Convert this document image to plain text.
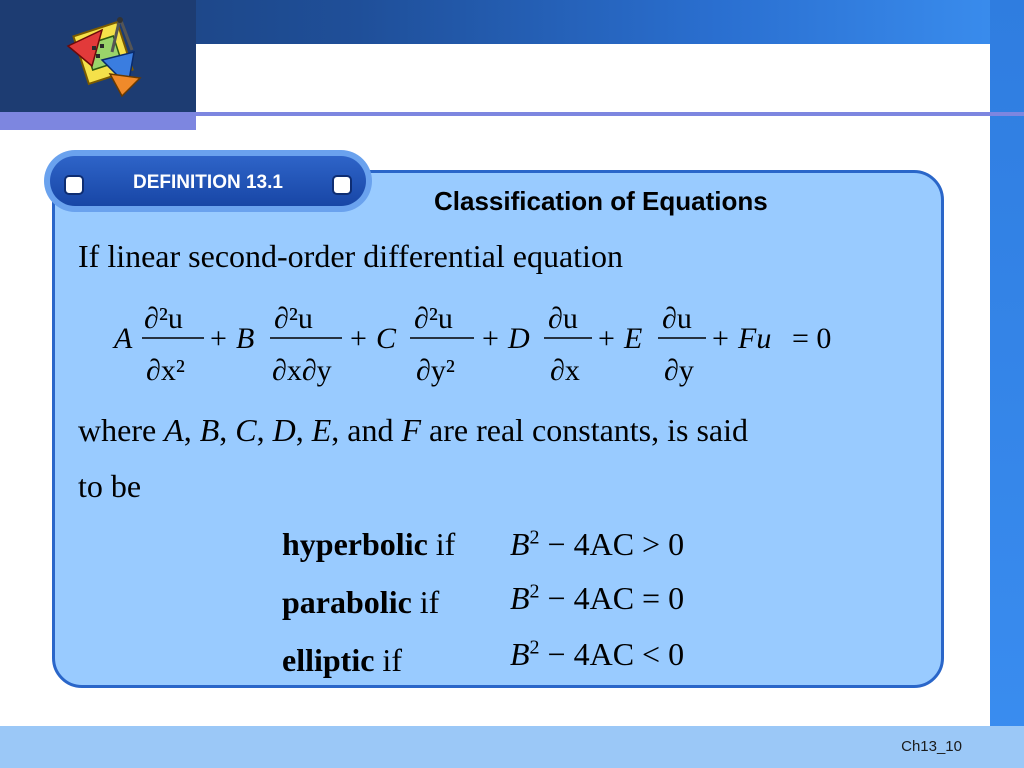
DEFINITION 13.1
Classification of Equations
If linear second-order differential equation
A
∂²u
∂x²
+ B
∂²u
∂x∂y
+ C
∂²u
∂y²
+ D
∂u
∂x
+ E
∂u
∂y
+ Fu = 0
where A, B, C, D, E, and F are real constants, is said
to be
hyperbolic if $B^2 - 4AC > 0$
parabolic if $B^2 - 4AC = 0$
elliptic if	$B^2 - 4AC < 0$
Ch13_10
